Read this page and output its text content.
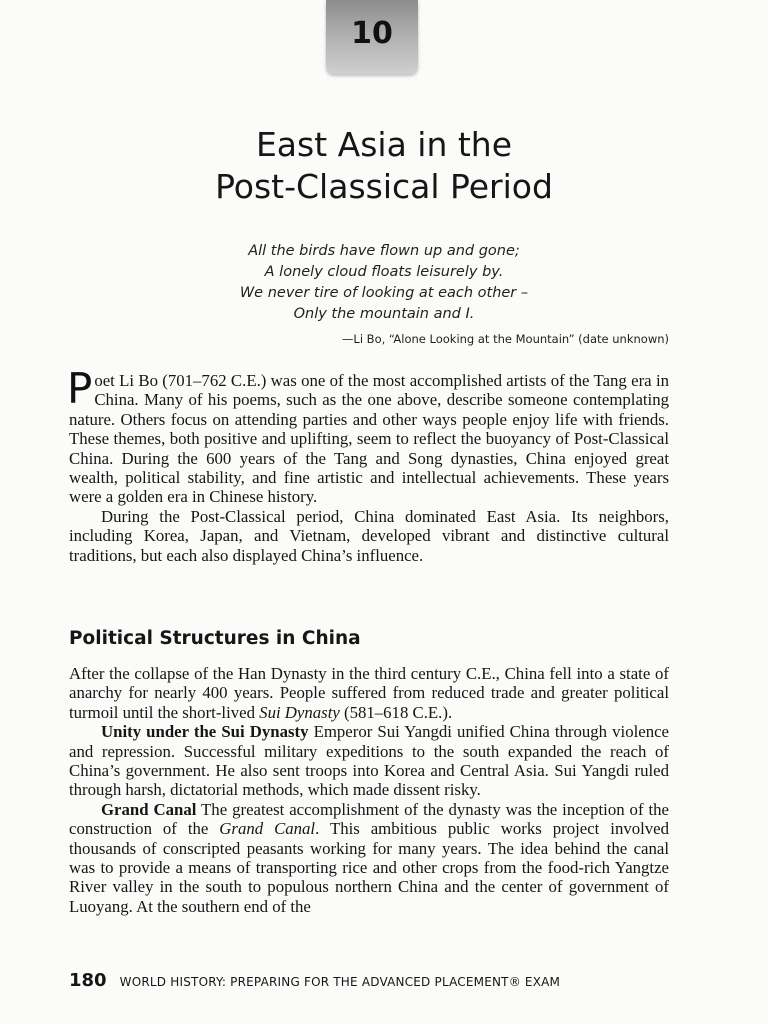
10
East Asia in the
Post-Classical Period
All the birds have flown up and gone;
A lonely cloud floats leisurely by.
We never tire of looking at each other –
Only the mountain and I.
—Li Bo, “Alone Looking at the Mountain” (date unknown)

Poet Li Bo (701–762 C.E.) was one of the most accomplished artists of the Tang era in China. Many of his poems, such as the one above, describe someone contemplating nature. Others focus on attending parties and other ways people enjoy life with friends. These themes, both positive and uplifting, seem to reflect the buoyancy of Post-Classical China. During the 600 years of the Tang and Song dynasties, China enjoyed great wealth, political stability, and fine artistic and intellectual achievements. These years were a golden era in Chinese history.

During the Post-Classical period, China dominated East Asia. Its neighbors, including Korea, Japan, and Vietnam, developed vibrant and distinctive cultural traditions, but each also displayed China’s influence.

Political Structures in China

After the collapse of the Han Dynasty in the third century C.E., China fell into a state of anarchy for nearly 400 years. People suffered from reduced trade and greater political turmoil until the short-lived Sui Dynasty (581–618 C.E.).

Unity under the Sui Dynasty Emperor Sui Yangdi unified China through violence and repression. Successful military expeditions to the south expanded the reach of China’s government. He also sent troops into Korea and Central Asia. Sui Yangdi ruled through harsh, dictatorial methods, which made dissent risky.

Grand Canal The greatest accomplishment of the dynasty was the inception of the construction of the Grand Canal. This ambitious public works project involved thousands of conscripted peasants working for many years. The idea behind the canal was to provide a means of transporting rice and other crops from the food-rich Yangtze River valley in the south to populous northern China and the center of government of Luoyang. At the southern end of the

180 WORLD HISTORY: PREPARING FOR THE ADVANCED PLACEMENT® EXAM
